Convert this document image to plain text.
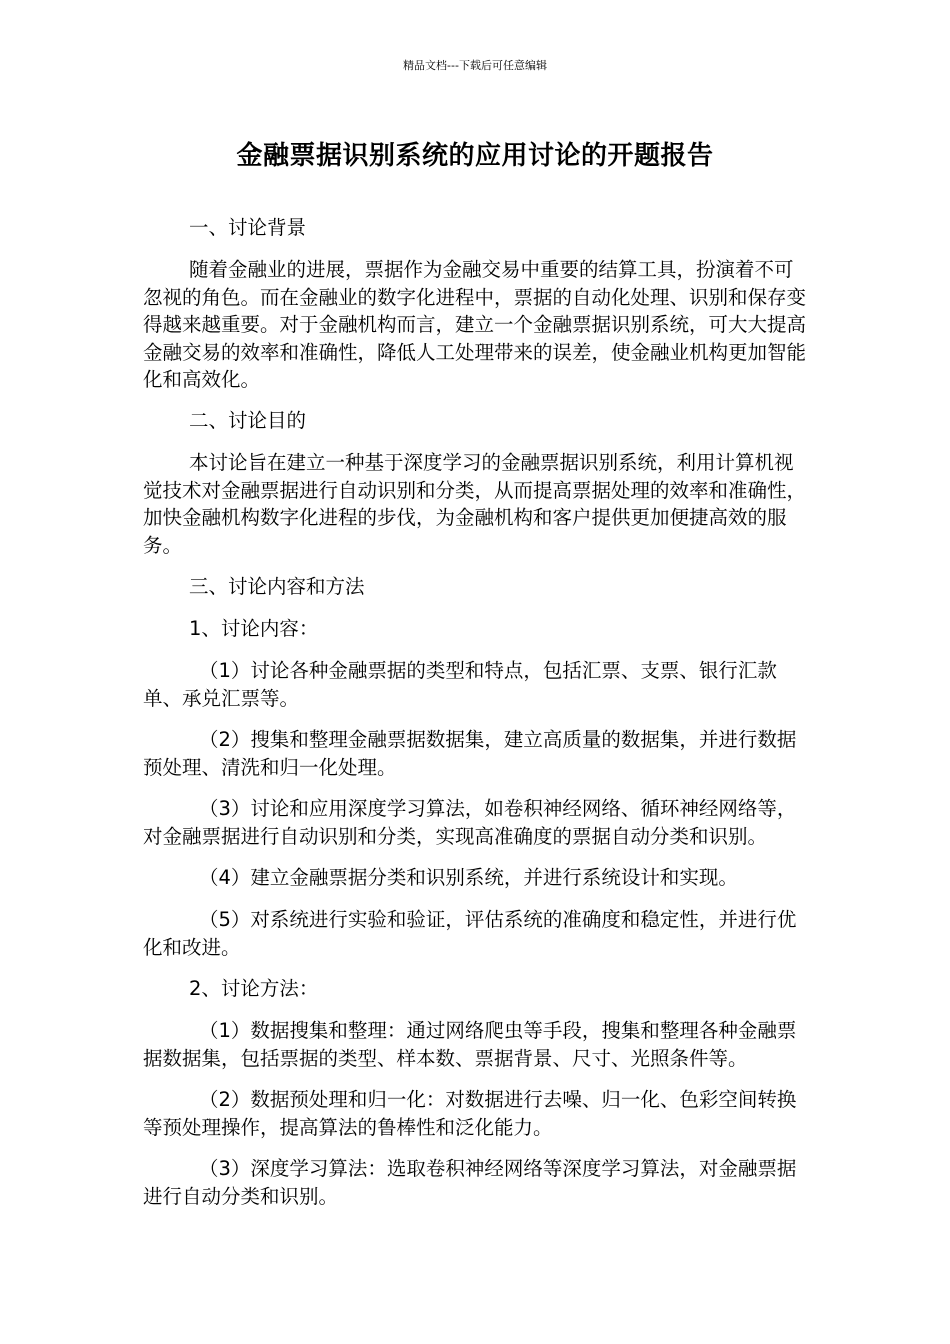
精品文档---下载后可任意编辑
金融票据识别系统的应用讨论的开题报告

一、讨论背景

随着金融业的进展，票据作为金融交易中重要的结算工具，扮演着不可忽视的角色。而在金融业的数字化进程中，票据的自动化处理、识别和保存变得越来越重要。对于金融机构而言，建立一个金融票据识别系统，可大大提高金融交易的效率和准确性，降低人工处理带来的误差，使金融业机构更加智能化和高效化。

二、讨论目的

本讨论旨在建立一种基于深度学习的金融票据识别系统，利用计算机视觉技术对金融票据进行自动识别和分类，从而提高票据处理的效率和准确性，加快金融机构数字化进程的步伐，为金融机构和客户提供更加便捷高效的服务。

三、讨论内容和方法

1、讨论内容：

（1）讨论各种金融票据的类型和特点，包括汇票、支票、银行汇款单、承兑汇票等。

（2）搜集和整理金融票据数据集，建立高质量的数据集，并进行数据预处理、清洗和归一化处理。

（3）讨论和应用深度学习算法，如卷积神经网络、循环神经网络等，对金融票据进行自动识别和分类，实现高准确度的票据自动分类和识别。

（4）建立金融票据分类和识别系统，并进行系统设计和实现。

（5）对系统进行实验和验证，评估系统的准确度和稳定性，并进行优化和改进。

2、讨论方法：

（1）数据搜集和整理：通过网络爬虫等手段，搜集和整理各种金融票据数据集，包括票据的类型、样本数、票据背景、尺寸、光照条件等。

（2）数据预处理和归一化：对数据进行去噪、归一化、色彩空间转换等预处理操作，提高算法的鲁棒性和泛化能力。

（3）深度学习算法：选取卷积神经网络等深度学习算法，对金融票据进行自动分类和识别。
